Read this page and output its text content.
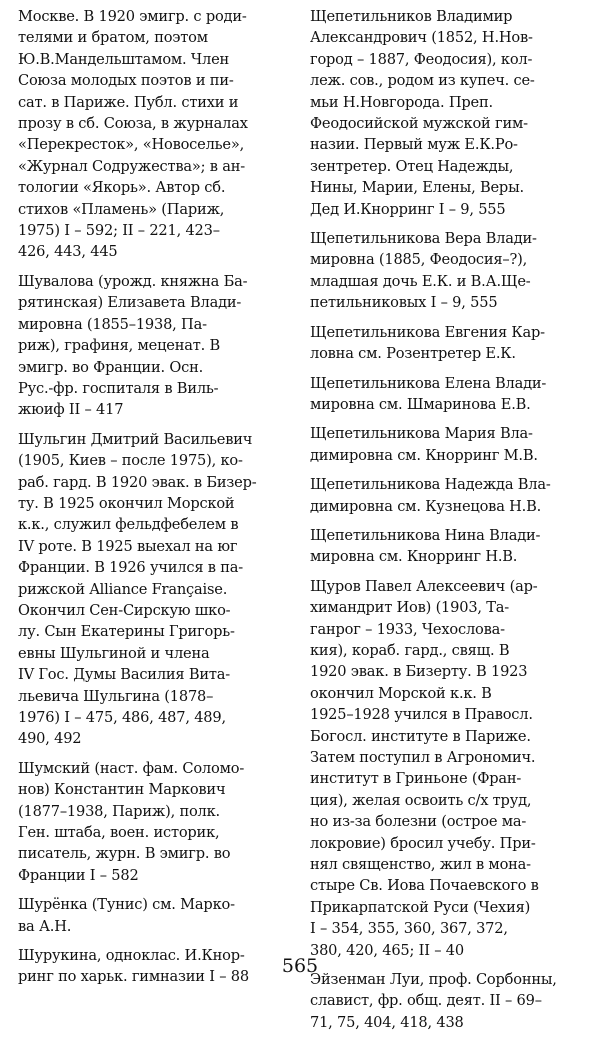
Москве. В 1920 эмигр. с роди-
телями и братом, поэтом
Ю.В.Мандельштамом. Член
Союза молодых поэтов и пи-
сат. в Париже. Публ. стихи и
прозу в сб. Союза, в журналах
«Перекресток», «Новоселье»,
«Журнал Содружества»; в ан-
тологии «Якорь». Автор сб.
стихов «Пламень» (Париж,
1975) I – 592; II – 221, 423–
426, 443, 445
Шувалова (урожд. княжна Ба-
рятинская) Елизавета Влади-
мировна (1855–1938, Па-
риж), графиня, меценат. В
эмигр. во Франции. Осн.
Рус.-фр. госпиталя в Виль-
жюиф II – 417
Шульгин Дмитрий Васильевич
(1905, Киев – после 1975), ко-
раб. гард. В 1920 эвак. в Бизер-
ту. В 1925 окончил Морской
к.к., служил фельдфебелем в
IV роте. В 1925 выехал на юг
Франции. В 1926 учился в па-
рижской Alliance Française.
Окончил Сен-Сирскую шко-
лу. Сын Екатерины Григорь-
евны Шульгиной и члена
IV Гос. Думы Василия Вита-
льевича Шульгина (1878–
1976) I – 475, 486, 487, 489,
490, 492
Шумский (наст. фам. Соломо-
нов) Константин Маркович
(1877–1938, Париж), полк.
Ген. штаба, воен. историк,
писатель, журн. В эмигр. во
Франции I – 582
Шурёнка (Тунис) см. Марко-
ва А.Н.
Шурукина, одноклас. И.Кнор-
ринг по харьк. гимназии I – 88
Щепетильников Владимир
Александрович (1852, Н.Нов-
город – 1887, Феодосия), кол-
леж. сов., родом из купеч. се-
мьи Н.Новгорода. Преп.
Феодосийской мужской гим-
назии. Первый муж Е.К.Ро-
зентретер. Отец Надежды,
Нины, Марии, Елены, Веры.
Дед И.Кнорринг I – 9, 555
Щепетильникова Вера Влади-
мировна (1885, Феодосия–?),
младшая дочь Е.К. и В.А.Ще-
петильниковых I – 9, 555
Щепетильникова Евгения Кар-
ловна см. Розентретер Е.К.
Щепетильникова Елена Влади-
мировна см. Шмаринова Е.В.
Щепетильникова Мария Вла-
димировна см. Кнорринг М.В.
Щепетильникова Надежда Вла-
димировна см. Кузнецова Н.В.
Щепетильникова Нина Влади-
мировна см. Кнорринг Н.В.
Щуров Павел Алексеевич (ар-
химандрит Иов) (1903, Та-
ганрог – 1933, Чехослова-
кия), кораб. гард., свящ. В
1920 эвак. в Бизерту. В 1923
окончил Морской к.к. В
1925–1928 учился в Правосл.
Богосл. институте в Париже.
Затем поступил в Агрономич.
институт в Гриньоне (Фран-
ция), желая освоить с/х труд,
но из-за болезни (острое ма-
локровие) бросил учебу. При-
нял священство, жил в мона-
стыре Св. Иова Почаевского в
Прикарпатской Руси (Чехия)
I – 354, 355, 360, 367, 372,
380, 420, 465; II – 40
Эйзенман Луи, проф. Сорбонны,
славист, фр. общ. деят. II – 69–
71, 75, 404, 418, 438
565
